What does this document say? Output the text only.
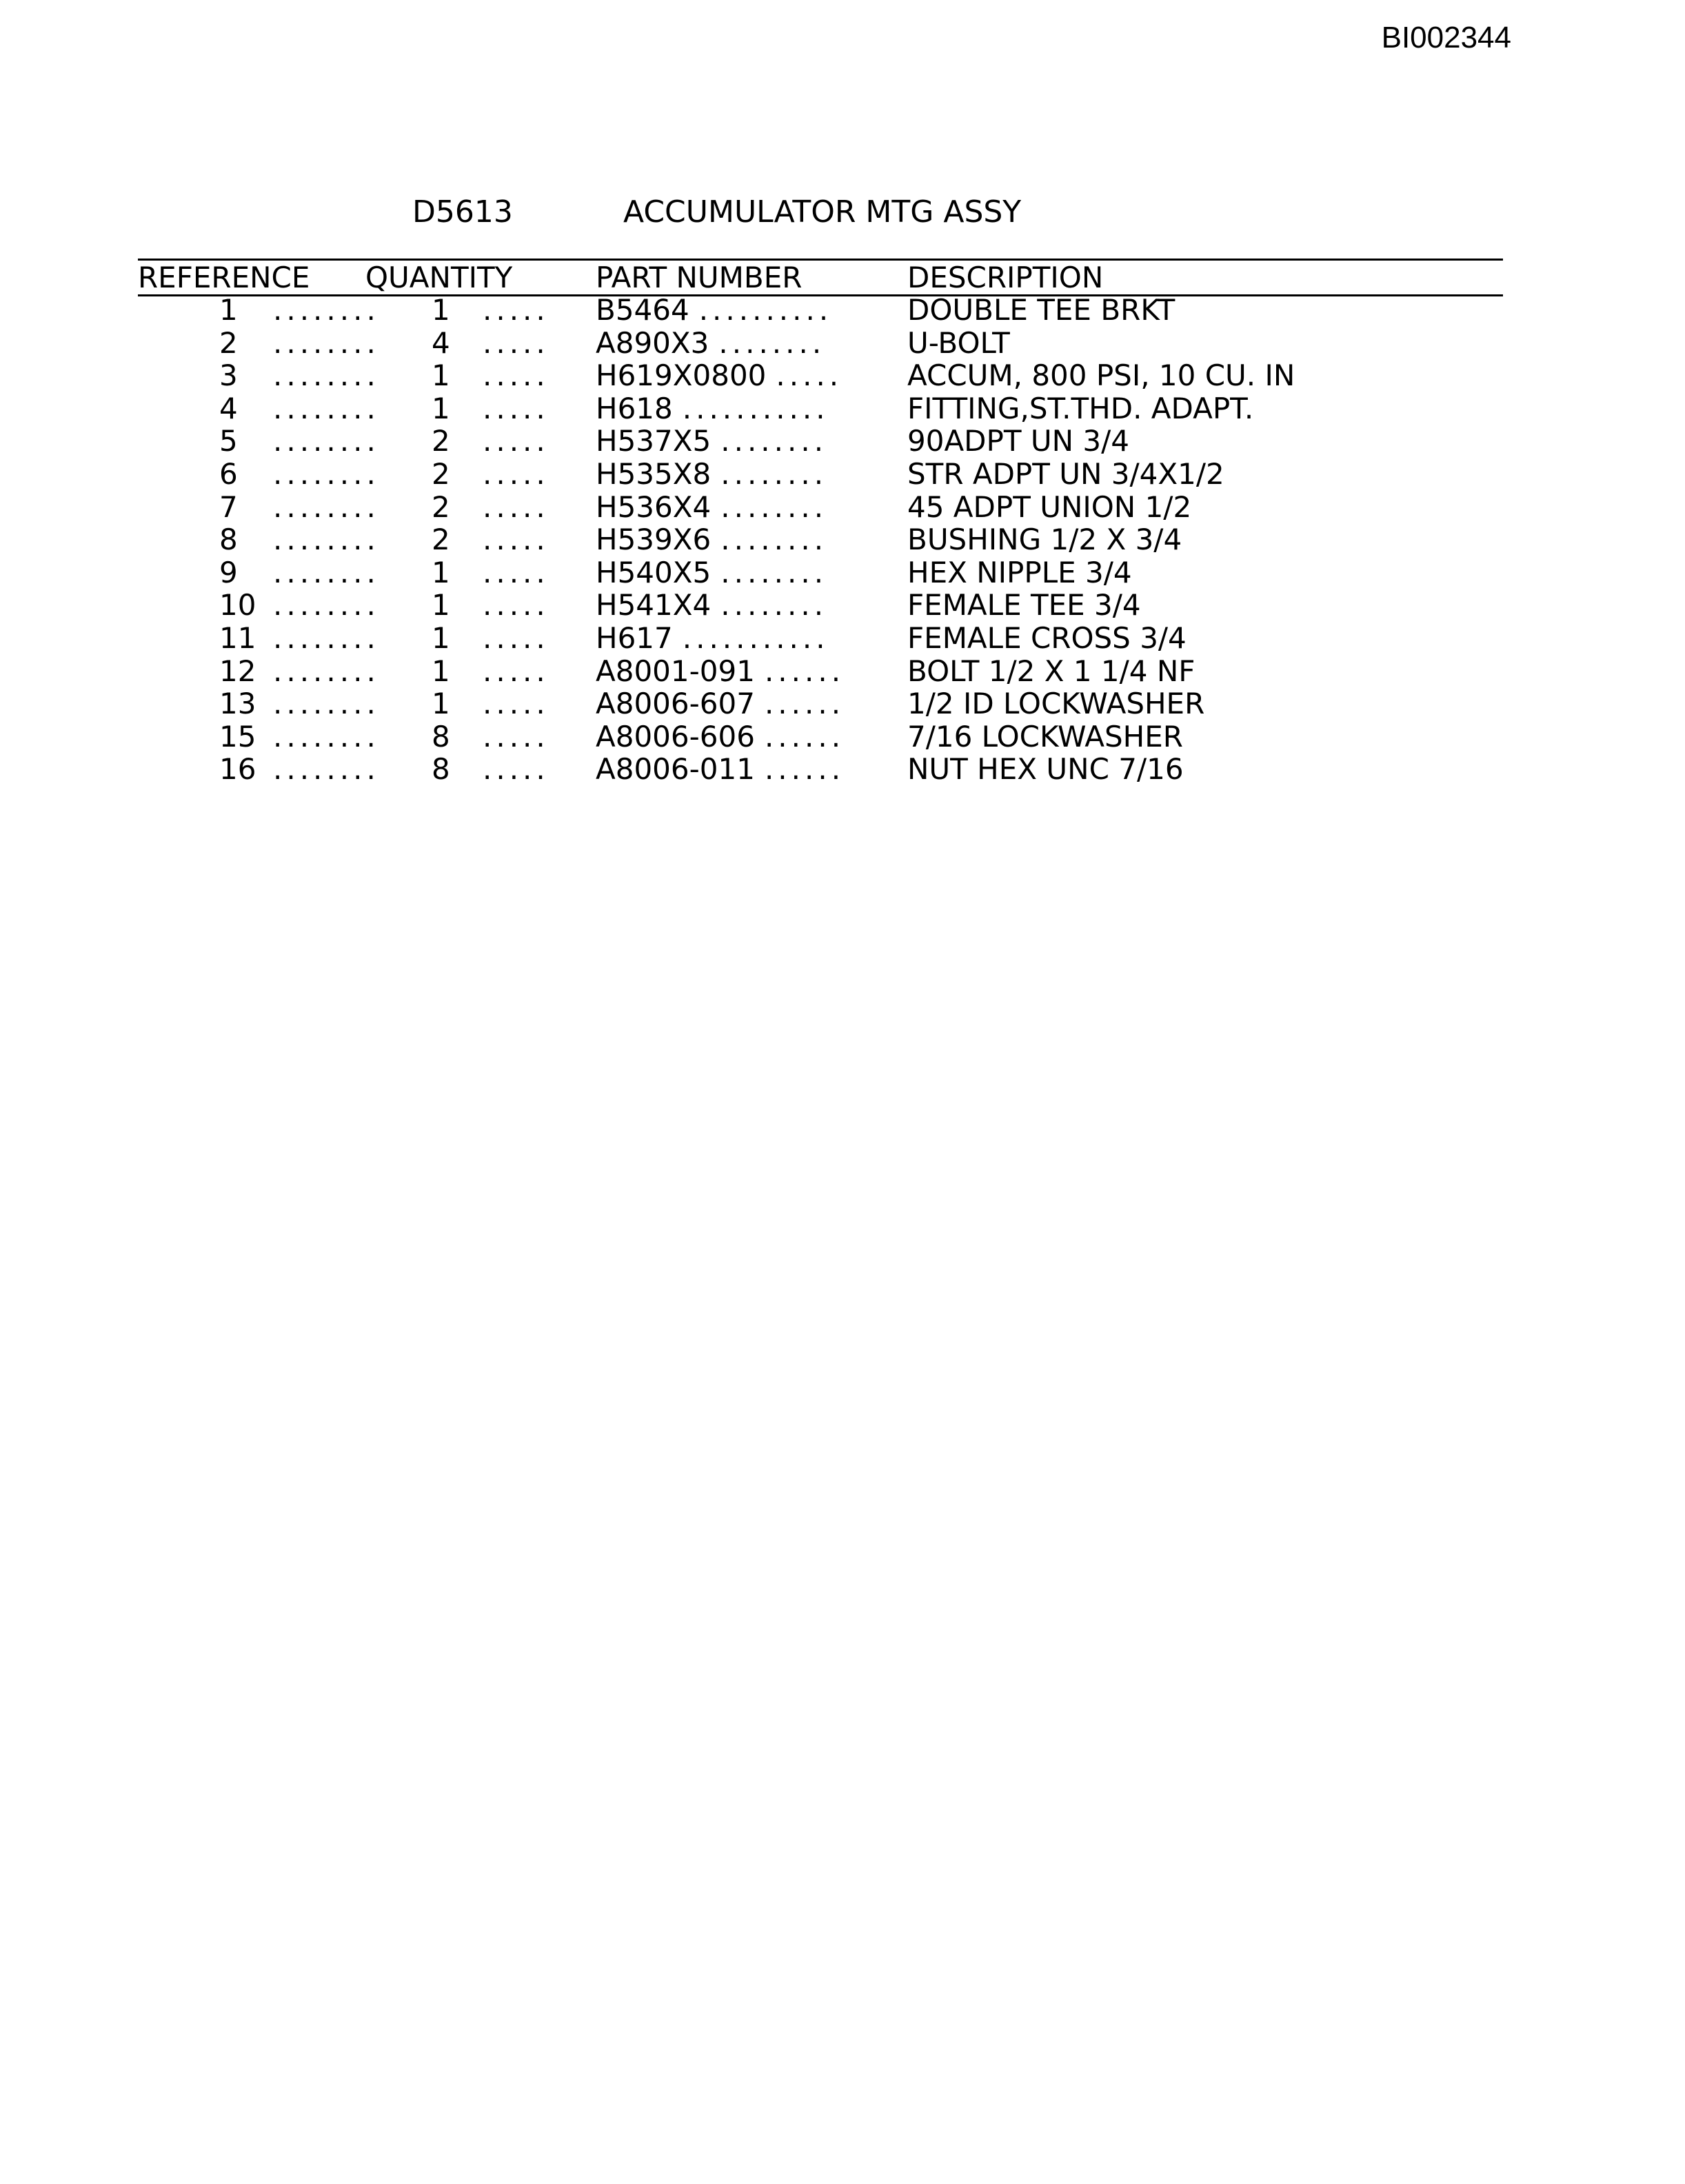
BI002344
D5613	ACCUMULATOR MTG ASSY
REFERENCE QUANTITY	PART NUMBER	DESCRIPTION
1	........ 1 ..... B5464 ..........	DOUBLE TEE BRKT
2	........ 4 ..... A890X3 ........	U-BOLT
3	........ 1 ..... H619X0800 ..... ACCUM, 800 PSI, 10 CU. IN
4	........ 1 ..... H618 ...........	FITTING,ST.THD. ADAPT.
5	........ 2 ..... H537X5 ........	90ADPT UN 3/4
6	........ 2 ..... H535X8 ........	STR ADPT UN 3/4X1/2
7	........ 2 ..... H536X4 ........	45 ADPT UNION 1/2
8	........ 2 ..... H539X6 ........	BUSHING 1/2 X 3/4
9	........ 1 ..... H540X5 ........	HEX NIPPLE 3/4
10 ........ 1 ..... H541X4 ........	FEMALE TEE 3/4
11 ........ 1 ..... H617 ...........	FEMALE CROSS 3/4
12 ........ 1 ..... A8001-091 ...... BOLT 1/2 X 1 1/4 NF
13 ........ 1 ..... A8006-607 ...... 1/2 ID LOCKWASHER
15 ........ 8 ..... A8006-606 ...... 7/16 LOCKWASHER
16 ........ 8 ..... A8006-011 ...... NUT HEX UNC 7/16
